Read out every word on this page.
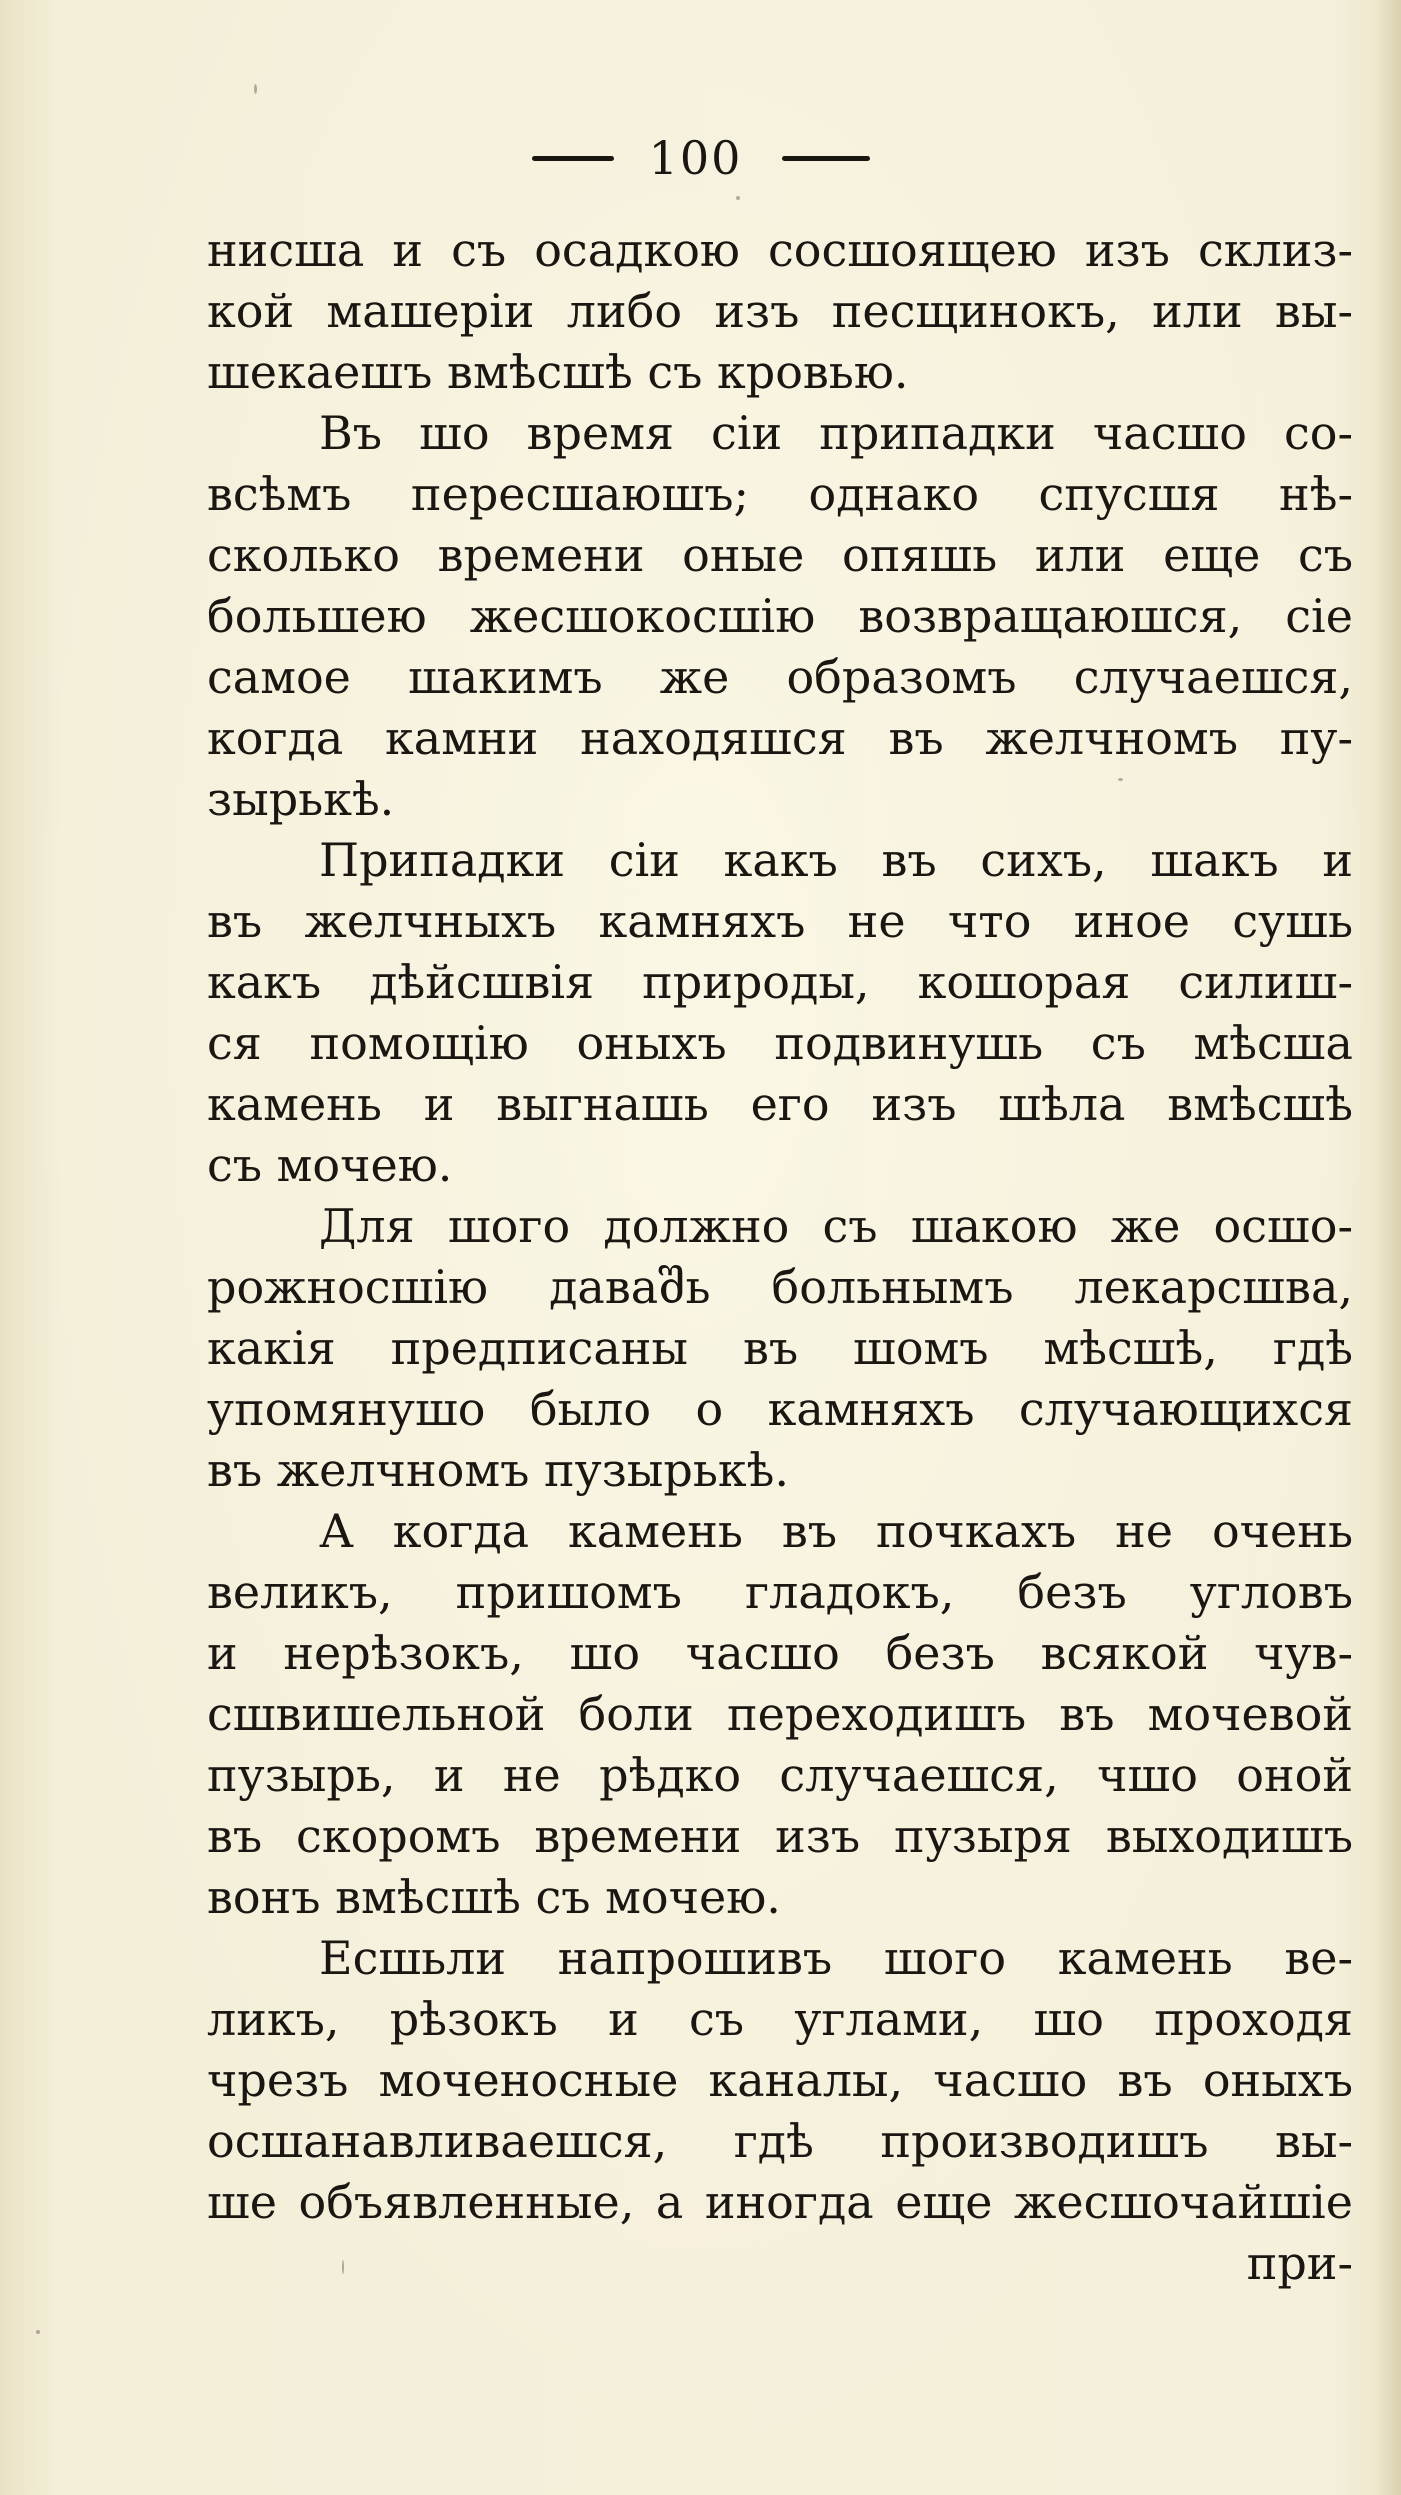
100
нисша и съ осадкою сосшоящею изъ склиз-
кой машеріи либо изъ песщинокъ, или вы-
шекаешъ вмѣсшѣ съ кровью.
Въ шо время сіи припадки часшо со-
всѣмъ пересшаюшъ; однако спусшя нѣ-
сколько времени оные опяшь или еще съ
большею жесшокосшію возвращаюшся, сіе
самое шакимъ же образомъ случаешся,
когда камни находяшся въ желчномъ пу-
зырькѣ.
Припадки сіи какъ въ сихъ, шакъ и
въ желчныхъ камняхъ не что иное сушь
какъ дѣйсшвія природы, кошорая силиш-
ся помощію оныхъ подвинушь съ мѣсша
камень и выгнашь его изъ шѣла вмѣсшѣ
съ мочею.
Для шого должно съ шакою же осшо-
рожносшію даваშь больнымъ лекарсшва,
какія предписаны въ шомъ мѣсшѣ, гдѣ
упомянушо было о камняхъ случающихся
въ желчномъ пузырькѣ.
А когда камень въ почкахъ не очень
великъ, пришомъ гладокъ, безъ угловъ
и нерѣзокъ, шо часшо безъ всякой чув-
сшвишельной боли переходишъ въ мочевой
пузырь, и не рѣдко случаешся, чшо оной
въ скоромъ времени изъ пузыря выходишъ
вонъ вмѣсшѣ съ мочею.
Есшьли напрошивъ шого камень ве-
ликъ, рѣзокъ и съ углами, шо проходя
чрезъ моченосные каналы, часшо въ оныхъ
осшанавливаешся, гдѣ производишъ вы-
ше объявленные, а иногда еще жесшочайшіе
при-
